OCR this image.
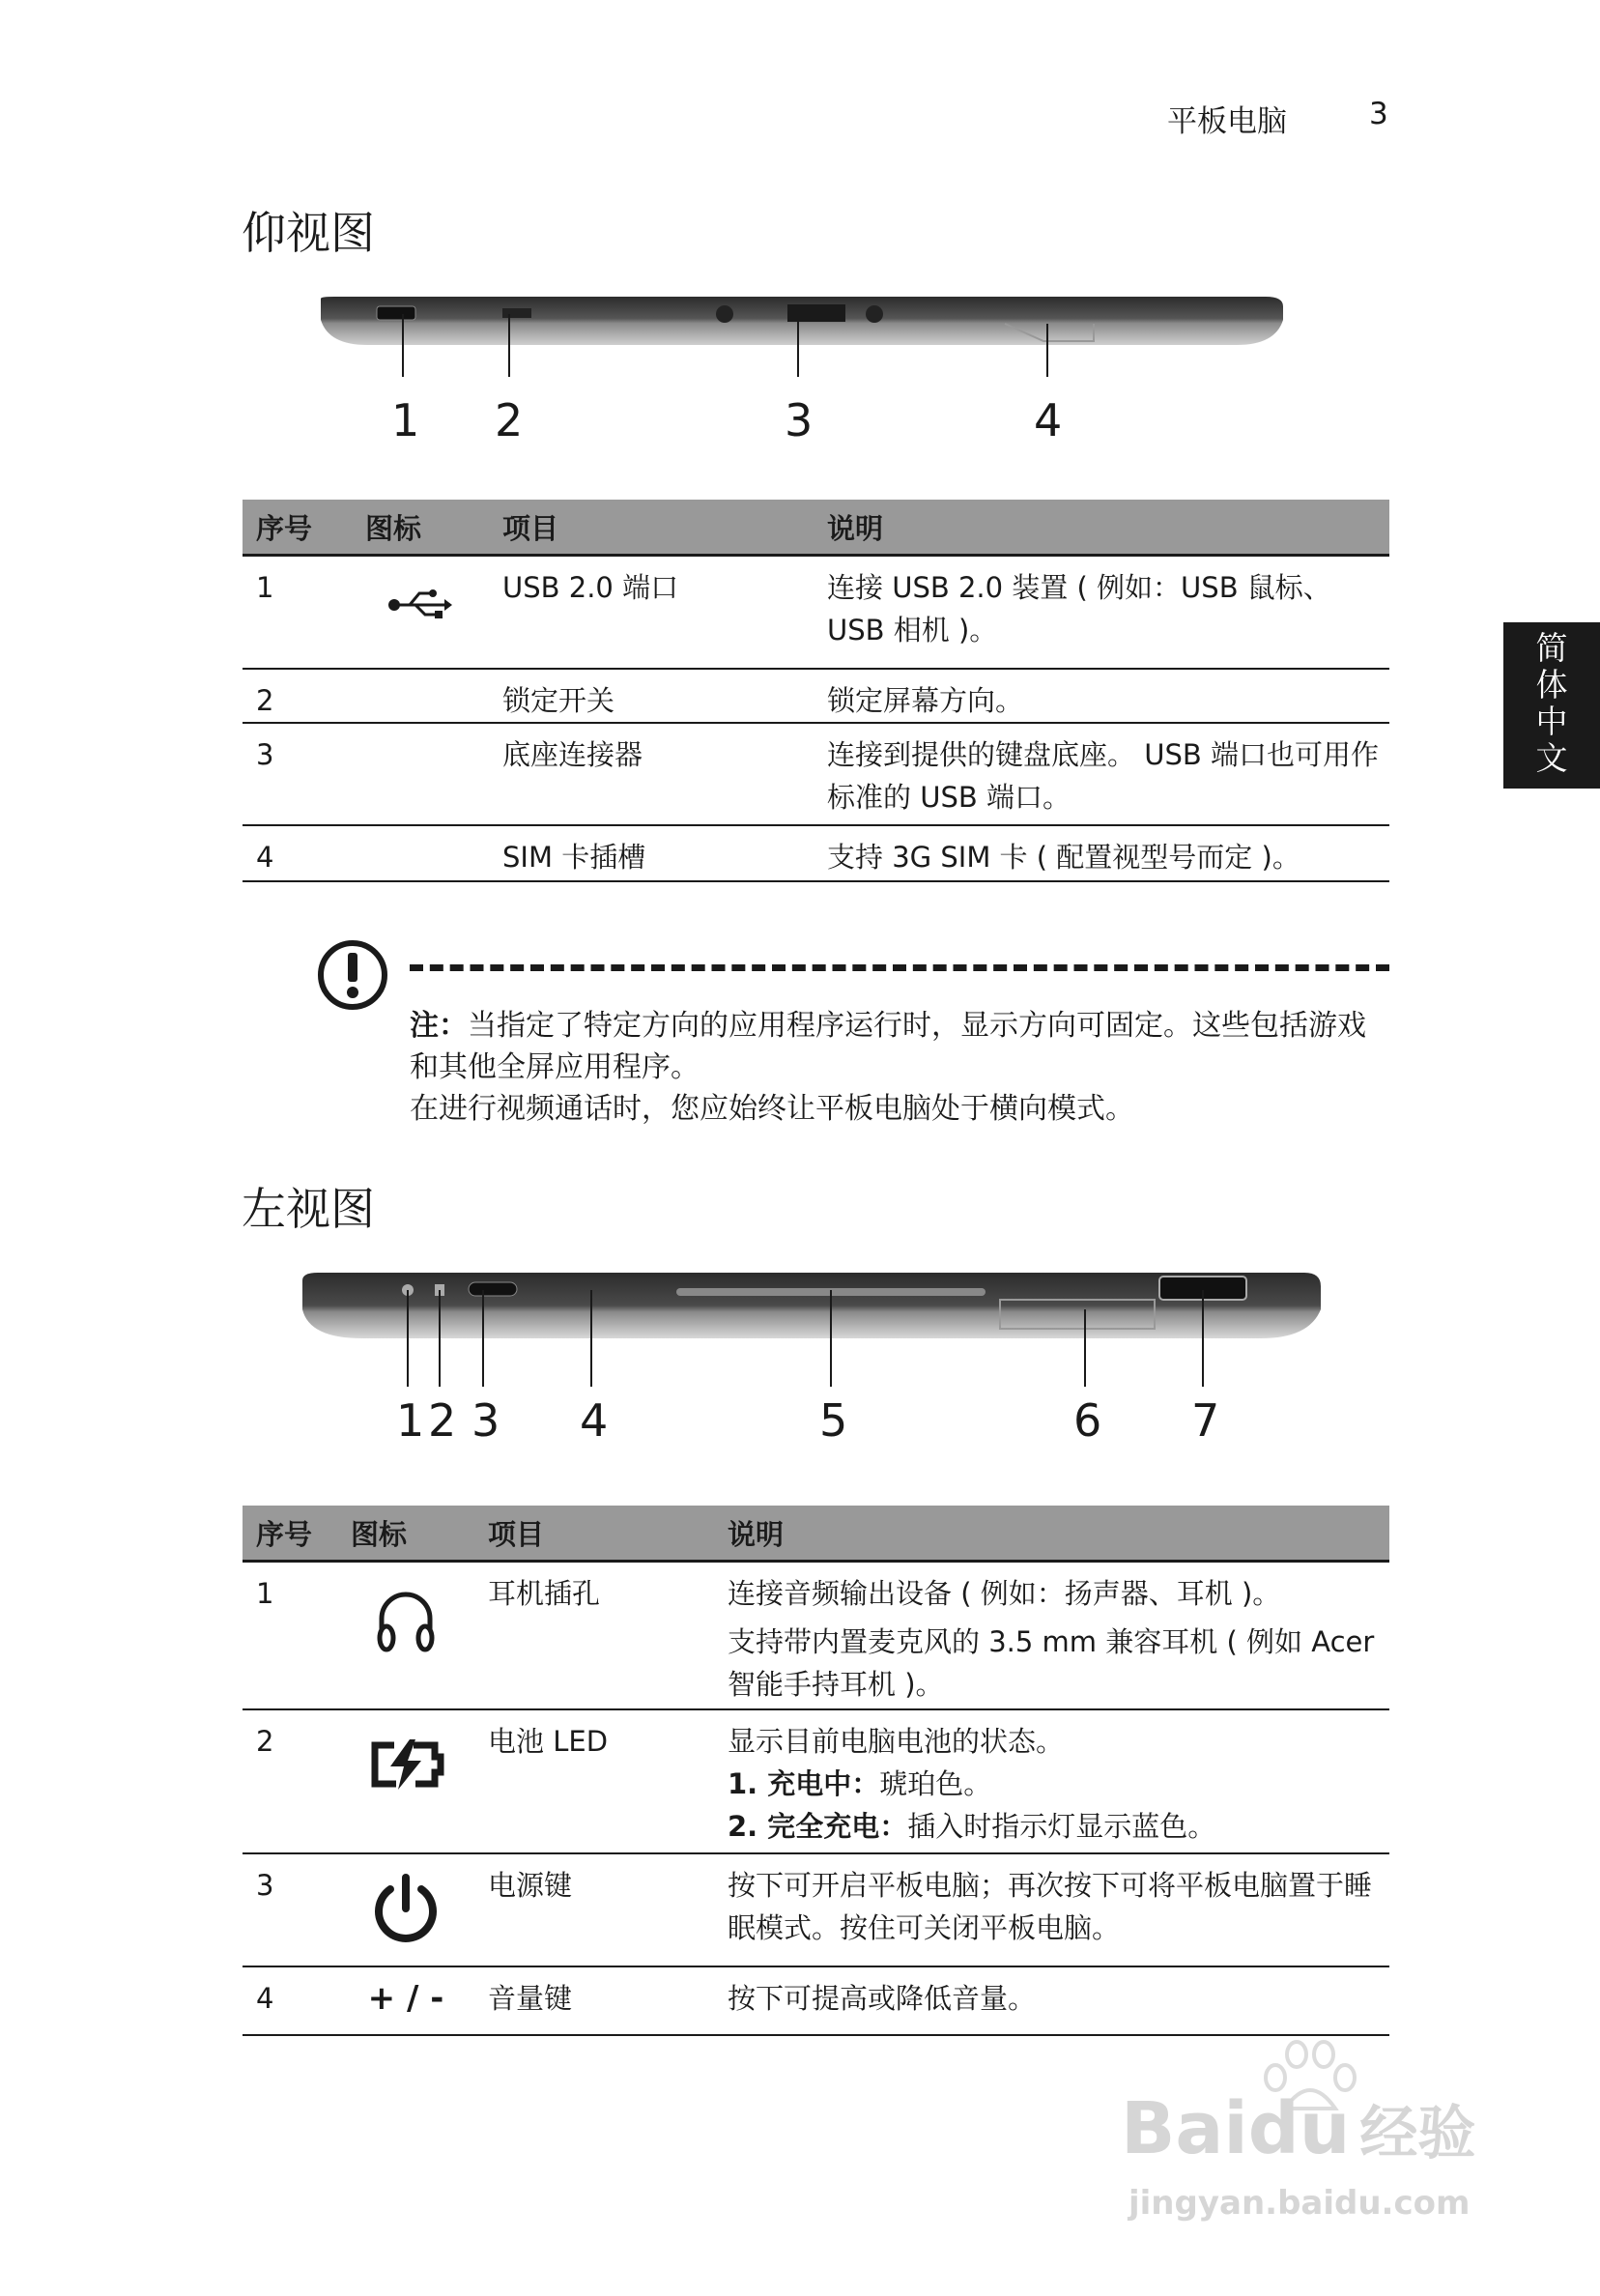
平板电脑	3
简
体
中
文
仰视图
1 2	3	4
序号	图标	项目	说明
1		USB 2.0 端口	连接 USB 2.0 装置 ( 例如：USB 鼠标、USB 相机 )。
2		锁定开关	锁定屏幕方向。
3		底座连接器	连接到提供的键盘底座。 USB 端口也可用作标准的 USB 端口。
4		SIM 卡插槽	支持 3G SIM 卡 ( 配置视型号而定 )。

注：当指定了特定方向的应用程序运行时，显示方向可固定。这些包括游戏和其他全屏应用程序。

在进行视频通话时，您应始终让平板电脑处于横向模式。

左视图
1 2 3 4	5	6 7
序号	图标	项目	说明
1		耳机插孔	连接音频输出设备 ( 例如：扬声器、耳机 )。

支持带内置麦克风的 3.5 mm 兼容耳机 ( 例如 Acer 智能手持耳机 )。

2		电池 LED	显示目前电脑电池的状态。

1. 充电中：琥珀色。

2. 完全充电：插入时指示灯显示蓝色。

3		电源键	按下可开启平板电脑；再次按下可将平板电脑置于睡眠模式。按住可关闭平板电脑。
4	+ / -	音量键	按下可提高或降低音量。
Baidu 经验
jingyan.baidu.com
